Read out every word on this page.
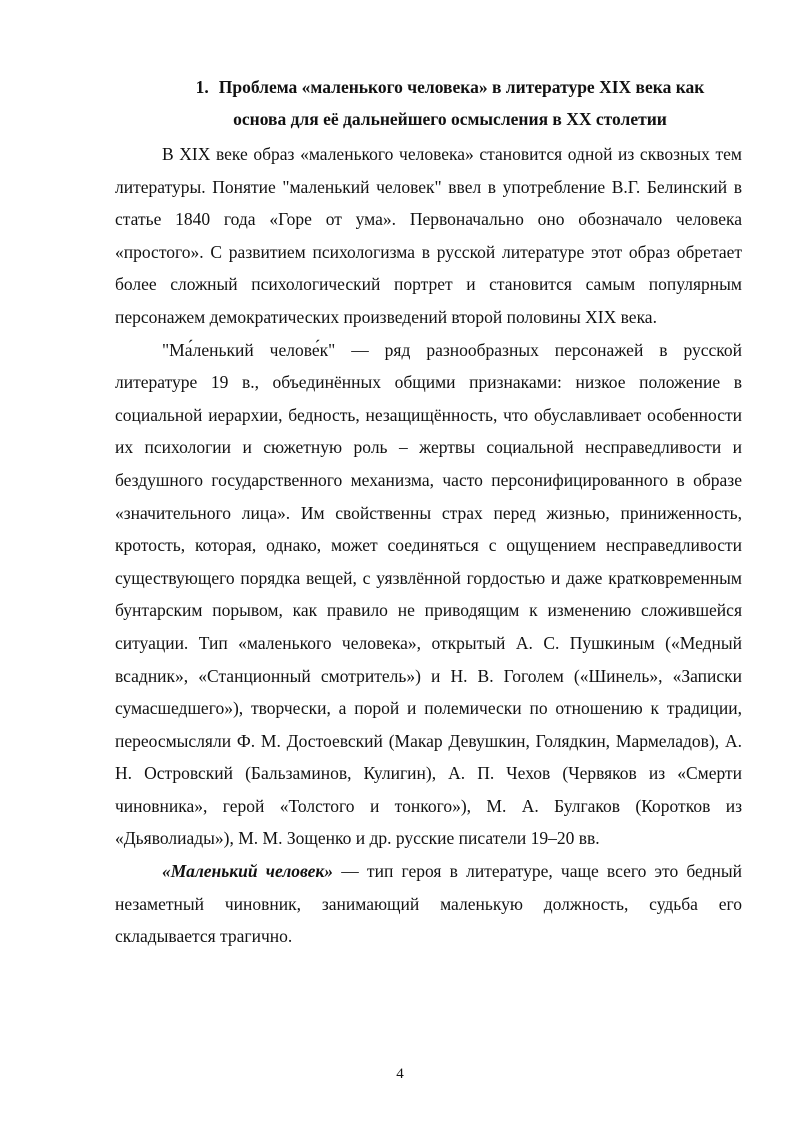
1. Проблема «маленького человека» в литературе XIX века как
основа для её дальнейшего осмысления в XX столетии

В XIX веке образ «маленького человека» становится одной из сквозных тем литературы. Понятие "маленький человек" ввел в употребление В.Г. Белинский в статье 1840 года «Горе от ума». Первоначально оно обозначало человека «простого». С развитием психологизма в русской литературе этот образ обретает более сложный психологический портрет и становится самым популярным персонажем демократических произведений второй половины XIX века.

"Ма́ленький челове́к" — ряд разнообразных персонажей в русской литературе 19 в., объединённых общими признаками: низкое положение в социальной иерархии, бедность, незащищённость, что обуславливает особенности их психологии и сюжетную роль – жертвы социальной несправедливости и бездушного государственного механизма, часто персонифицированного в образе «значительного лица». Им свойственны страх перед жизнью, приниженность, кротость, которая, однако, может соединяться с ощущением несправедливости существующего порядка вещей, с уязвлённой гордостью и даже кратковременным бунтарским порывом, как правило не приводящим к изменению сложившейся ситуации. Тип «маленького человека», открытый А. С. Пушкиным («Медный всадник», «Станционный смотритель») и Н. В. Гоголем («Шинель», «Записки сумасшедшего»), творчески, а порой и полемически по отношению к традиции, переосмысляли Ф. М. Достоевский (Макар Девушкин, Голядкин, Мармеладов), А. Н. Островский (Бальзаминов, Кулигин), А. П. Чехов (Червяков из «Смерти чиновника», герой «Толстого и тонкого»), М. А. Булгаков (Коротков из «Дьяволиады»), М. М. Зощенко и др. русские писатели 19–20 вв.

«Маленький человек» — тип героя в литературе, чаще всего это бедный незаметный чиновник, занимающий маленькую должность, судьба его складывается трагично.

4
